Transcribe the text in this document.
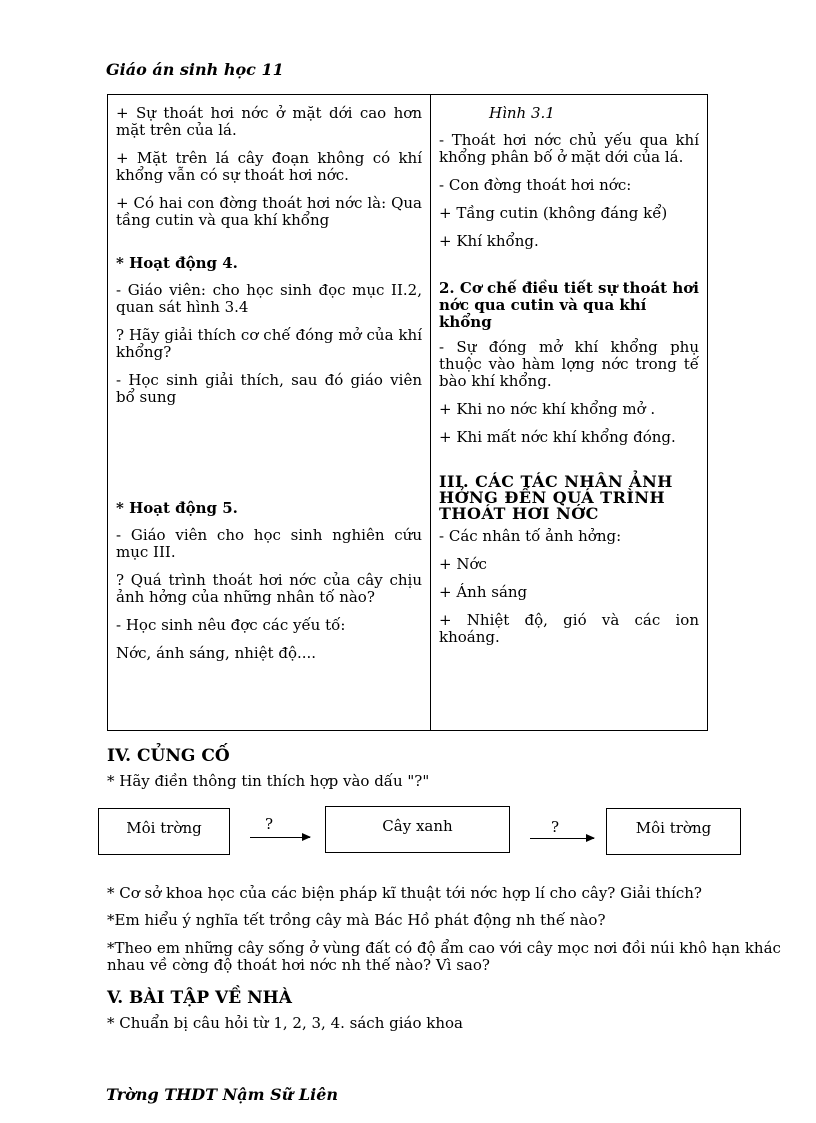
Giáo án sinh học 11

+ Sự thoát hơi nớc ở mặt dới cao hơn mặt trên của lá.

+ Mặt trên lá cây đoạn không có khí khổng vẫn có sự thoát hơi nớc.

+ Có hai con đờng thoát hơi nớc là: Qua tầng cutin và qua khí khổng

* Hoạt động 4.

- Giáo viên: cho học sinh đọc mục II.2, quan sát hình 3.4

? Hãy giải thích cơ chế đóng mở của khí khổng?

- Học sinh giải thích, sau đó giáo viên bổ sung

* Hoạt động 5.

- Giáo viên cho học sinh nghiên cứu mục III.

? Quá trình thoát hơi nớc của cây chịu ảnh hởng của những nhân tố nào?

- Học sinh nêu đợc các yếu tố:

Nớc, ánh sáng, nhiệt độ....

Hình 3.1

- Thoát hơi nớc chủ yếu qua khí khổng phân bố ở mặt dới của lá.

- Con đờng thoát hơi nớc:

+ Tầng cutin (không đáng kể)

+ Khí khổng.

2. Cơ chế điều tiết sự thoát hơi nớc qua cutin và qua khí khổng

- Sự đóng mở khí khổng phụ thuộc vào hàm lợng nớc trong tế bào khí khổng.

+ Khi no nớc khí khổng mở .

+ Khi mất nớc khí khổng đóng.

III. CÁC TÁC NHÂN ẢNH HỞNG ĐẾN QUÁ TRÌNH THOÁT HƠI NỚC

- Các nhân tố ảnh hởng:

+ Nớc

+ Ánh sáng

+ Nhiệt độ, gió và các ion khoáng.

IV. CỦNG CỐ
* Hãy điền thông tin thích hợp vào dấu "?"
Môi trờng	?	Cây xanh	?	Môi trờng
* Cơ sở khoa học của các biện pháp kĩ thuật tới nớc hợp lí cho cây? Giải thích?
*Em hiểu ý nghĩa tết trồng cây mà Bác Hồ phát động nh thế nào?
*Theo em những cây sống ở vùng đất có độ ẩm cao với cây mọc nơi đồi núi khô hạn khác nhau về cờng độ thoát hơi nớc nh thế nào? Vì sao?
V. BÀI TẬP VỀ NHÀ
* Chuẩn bị câu hỏi từ 1, 2, 3, 4. sách giáo khoa
Trờng THDT Nậm Sữ Liên
